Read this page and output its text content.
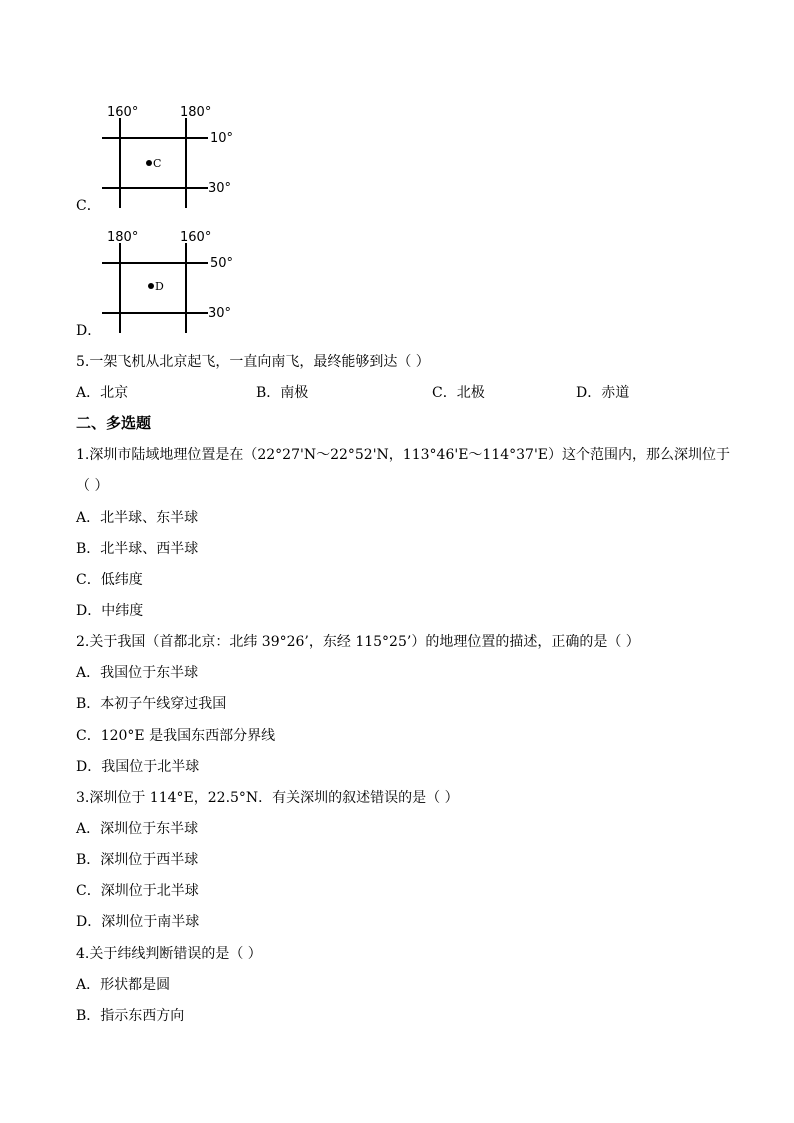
160°	180°
10°
30°
C
C．
180°	160°
50°
30°
D
D．
5.一架飞机从北京起飞，一直向南飞，最终能够到达（ ）
A．北京	B．南极	C．北极	D．赤道
二、多选题
1.深圳市陆域地理位置是在（22°27'N～22°52'N，113°46'E～114°37'E）这个范围内，那么深圳位于
（ ）
A．北半球、东半球
B．北半球、西半球
C．低纬度
D．中纬度
2.关于我国（首都北京：北纬 39°26’，东经 115°25’）的地理位置的描述，正确的是（ ）
A．我国位于东半球
B．本初子午线穿过我国
C．120°E 是我国东西部分界线
D．我国位于北半球
3.深圳位于 114°E，22.5°N．有关深圳的叙述错误的是（ ）
A．深圳位于东半球
B．深圳位于西半球
C．深圳位于北半球
D．深圳位于南半球
4.关于纬线判断错误的是（ ）
A．形状都是圆
B．指示东西方向
